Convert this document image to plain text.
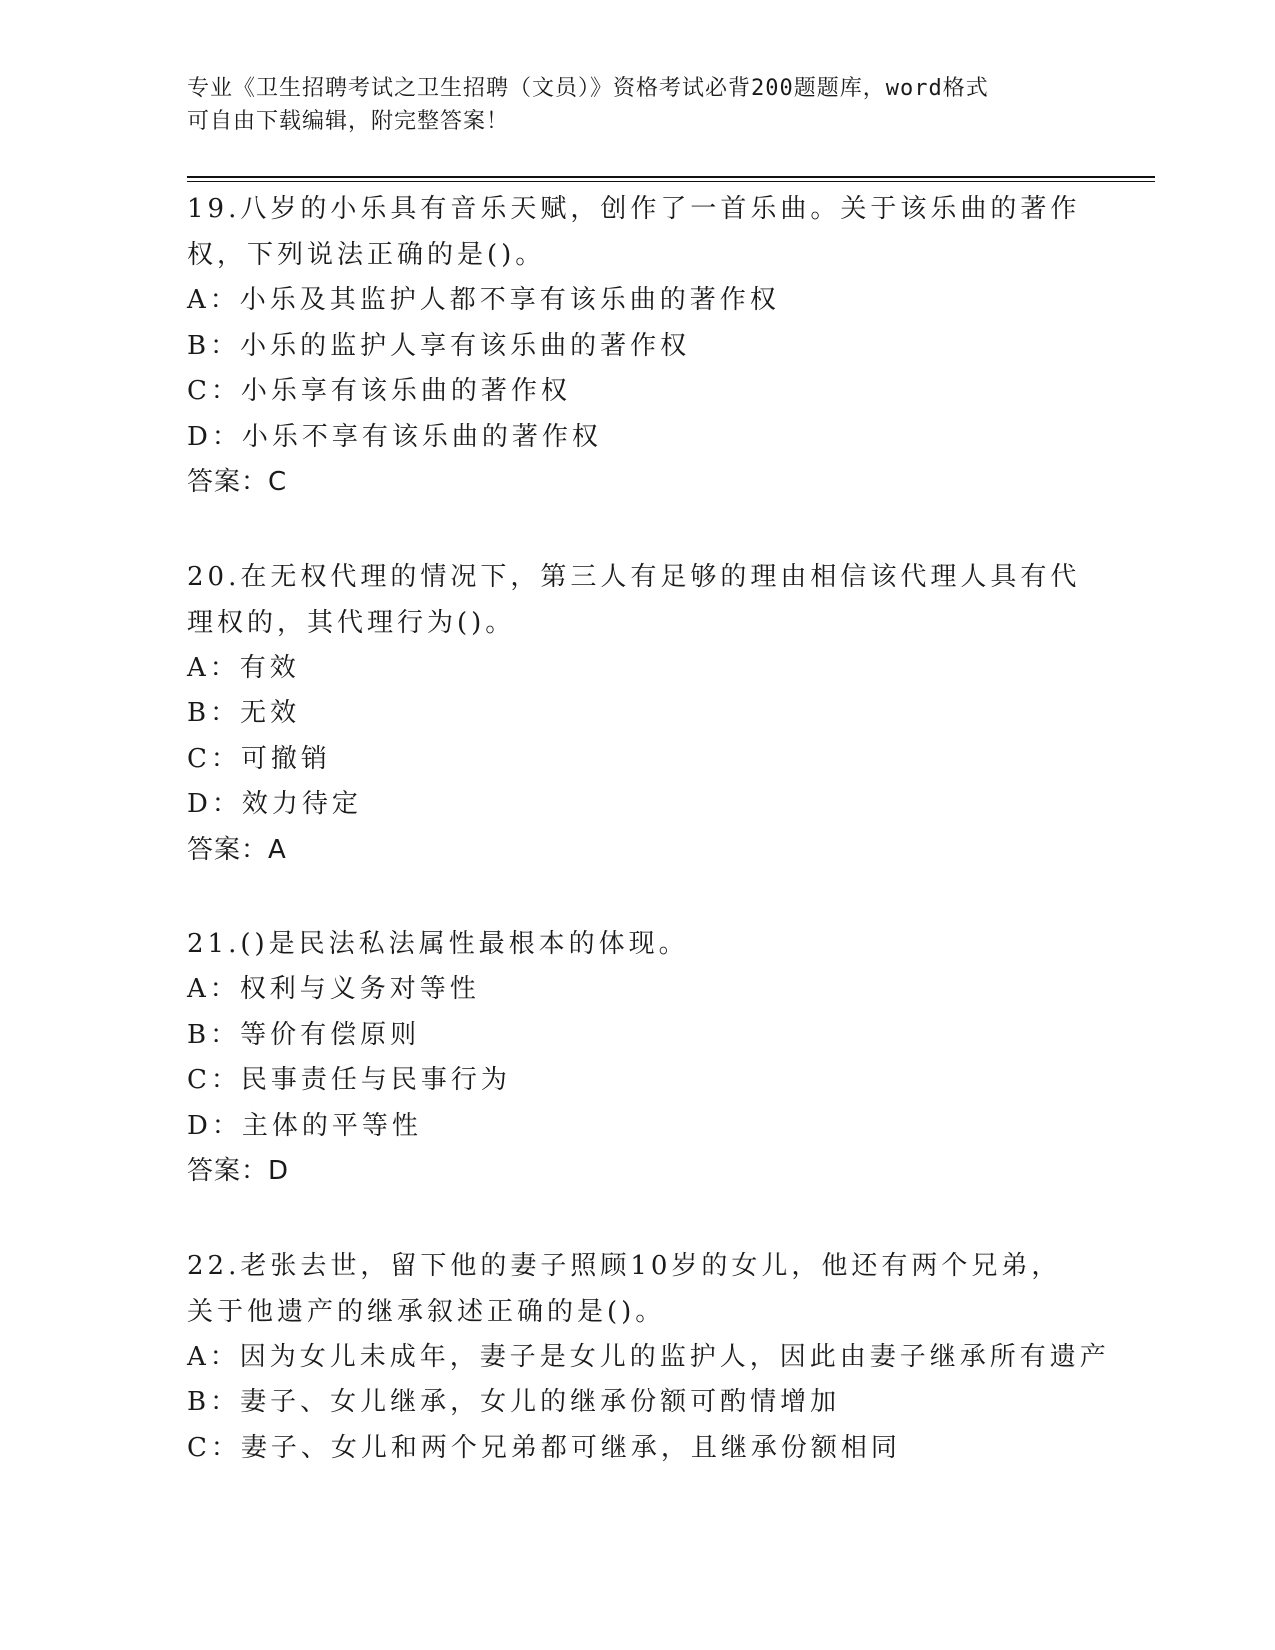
专业《卫生招聘考试之卫生招聘（文员）》资格考试必背200题题库，word格式
可自由下载编辑，附完整答案！
19.八岁的小乐具有音乐天赋，创作了一首乐曲。关于该乐曲的著作权，下列说法正确的是()。
A：小乐及其监护人都不享有该乐曲的著作权
B：小乐的监护人享有该乐曲的著作权
C：小乐享有该乐曲的著作权
D：小乐不享有该乐曲的著作权
答案：C
20.在无权代理的情况下，第三人有足够的理由相信该代理人具有代理权的，其代理行为()。
A：有效
B：无效
C：可撤销
D：效力待定
答案：A
21.()是民法私法属性最根本的体现。
A：权利与义务对等性
B：等价有偿原则
C：民事责任与民事行为
D：主体的平等性
答案：D
22.老张去世，留下他的妻子照顾10岁的女儿，他还有两个兄弟，关于他遗产的继承叙述正确的是()。
A：因为女儿未成年，妻子是女儿的监护人，因此由妻子继承所有遗产
B：妻子、女儿继承，女儿的继承份额可酌情增加
C：妻子、女儿和两个兄弟都可继承，且继承份额相同
